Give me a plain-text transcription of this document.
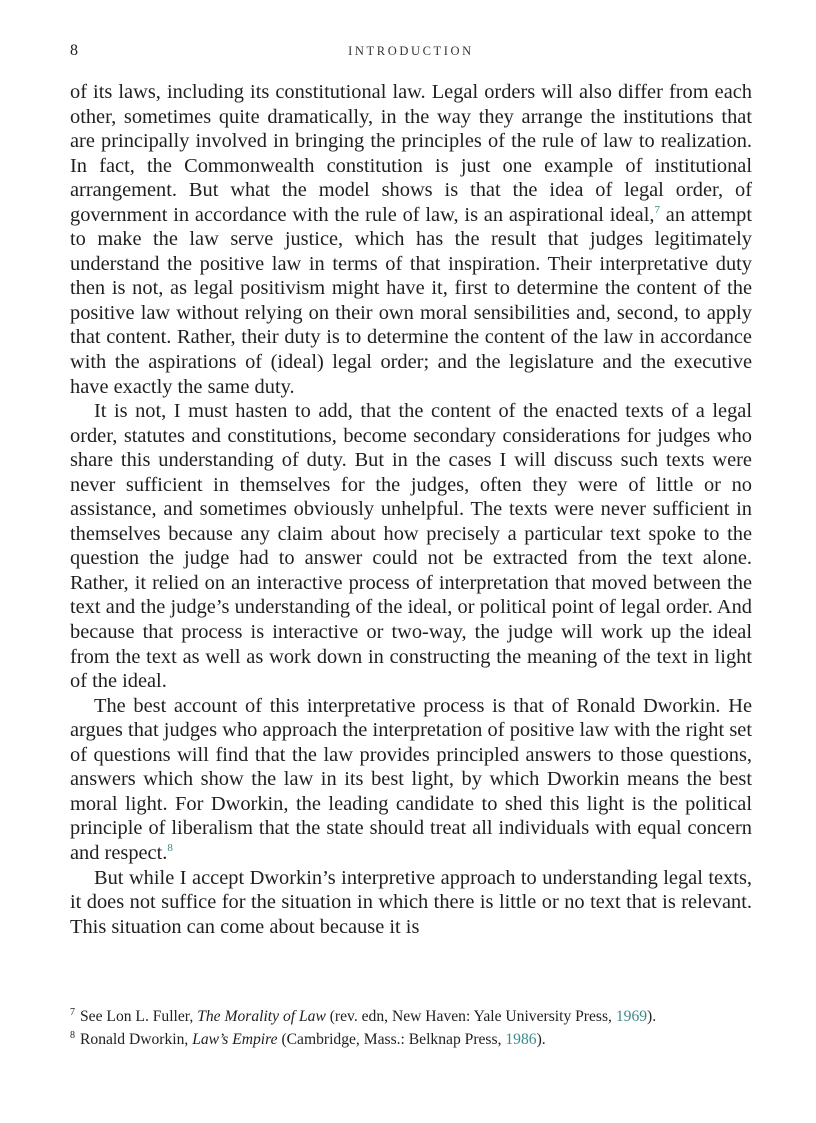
8	INTRODUCTION

of its laws, including its constitutional law. Legal orders will also differ from each other, sometimes quite dramatically, in the way they arrange the institutions that are principally involved in bringing the principles of the rule of law to realization. In fact, the Commonwealth constitution is just one example of institutional arrangement. But what the model shows is that the idea of legal order, of government in accordance with the rule of law, is an aspirational ideal,$^7$ an attempt to make the law serve justice, which has the result that judges legitimately understand the positive law in terms of that inspiration. Their interpretative duty then is not, as legal positivism might have it, first to determine the content of the positive law without relying on their own moral sensibilities and, second, to apply that content. Rather, their duty is to determine the content of the law in accordance with the aspirations of (ideal) legal order; and the legislature and the executive have exactly the same duty.

It is not, I must hasten to add, that the content of the enacted texts of a legal order, statutes and constitutions, become secondary considerations for judges who share this understanding of duty. But in the cases I will discuss such texts were never sufficient in themselves for the judges, often they were of little or no assistance, and sometimes obviously unhelpful. The texts were never sufficient in themselves because any claim about how precisely a particular text spoke to the question the judge had to answer could not be extracted from the text alone. Rather, it relied on an interactive process of interpretation that moved between the text and the judge’s understanding of the ideal, or political point of legal order. And because that process is interactive or two-way, the judge will work up the ideal from the text as well as work down in constructing the meaning of the text in light of the ideal.

The best account of this interpretative process is that of Ronald Dworkin. He argues that judges who approach the interpretation of positive law with the right set of questions will find that the law provides principled answers to those questions, answers which show the law in its best light, by which Dworkin means the best moral light. For Dworkin, the leading candidate to shed this light is the political principle of liberalism that the state should treat all individuals with equal concern and respect.$^8$

But while I accept Dworkin’s interpretive approach to understanding legal texts, it does not suffice for the situation in which there is little or no text that is relevant. This situation can come about because it is

$^7$ See Lon L. Fuller, The Morality of Law (rev. edn, New Haven: Yale University Press, 1969).

$^8$ Ronald Dworkin, Law’s Empire (Cambridge, Mass.: Belknap Press, 1986).
